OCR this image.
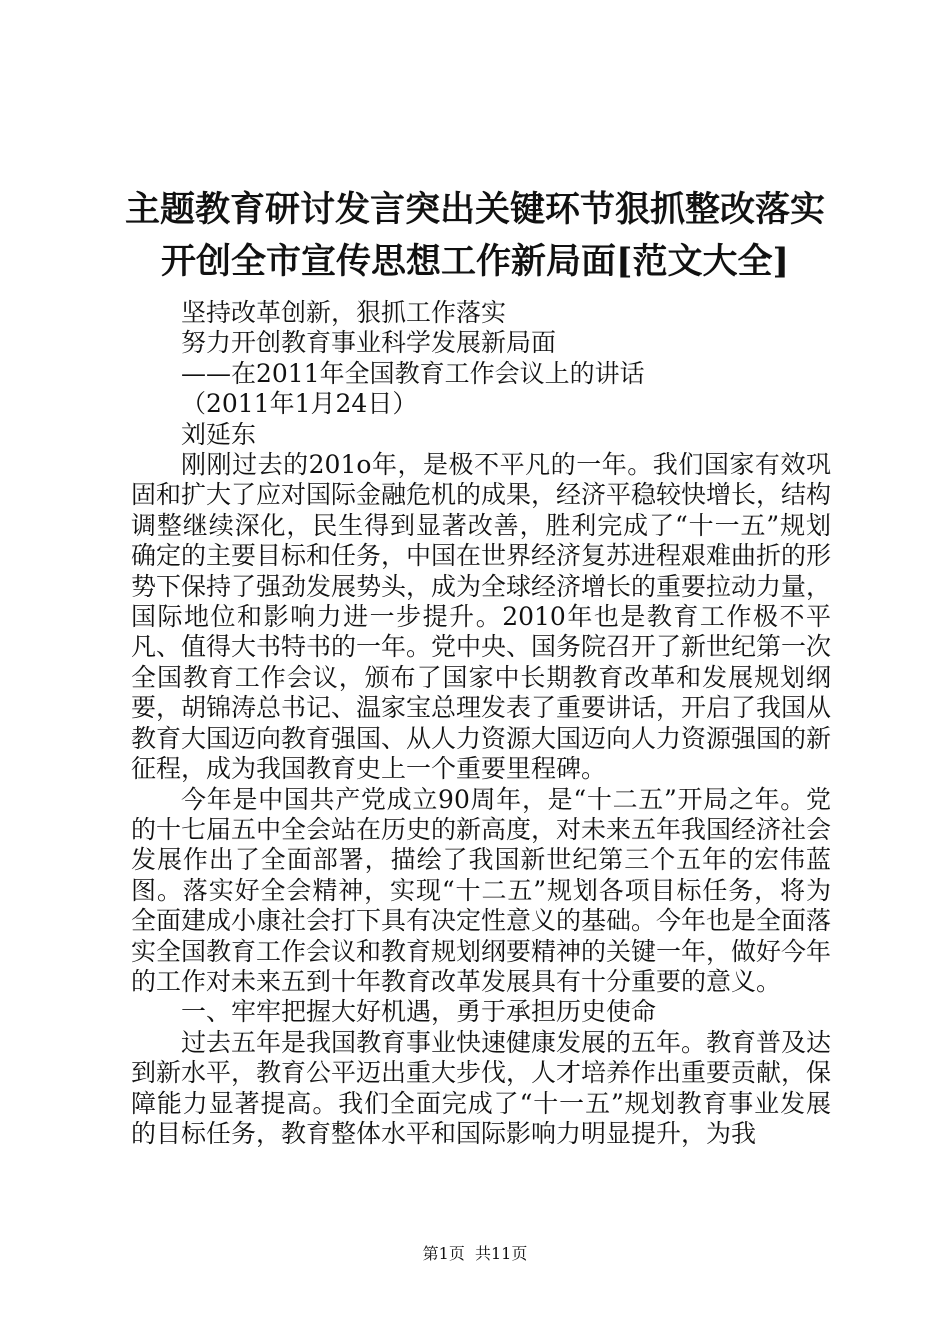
主题教育研讨发言突出关键环节狠抓整改落实
开创全市宣传思想工作新局面[范文大全]

坚持改革创新，狠抓工作落实

努力开创教育事业科学发展新局面

——在2011年全国教育工作会议上的讲话

（2011年1月24日）

刘延东

刚刚过去的201o年，是极不平凡的一年。我们国家有效巩固和扩大了应对国际金融危机的成果，经济平稳较快增长，结构调整继续深化，民生得到显著改善，胜利完成了“十一五”规划确定的主要目标和任务，中国在世界经济复苏进程艰难曲折的形势下保持了强劲发展势头，成为全球经济增长的重要拉动力量，国际地位和影响力进一步提升。2010年也是教育工作极不平凡、值得大书特书的一年。党中央、国务院召开了新世纪第一次全国教育工作会议，颁布了国家中长期教育改革和发展规划纲要，胡锦涛总书记、温家宝总理发表了重要讲话，开启了我国从教育大国迈向教育强国、从人力资源大国迈向人力资源强国的新征程，成为我国教育史上一个重要里程碑。

今年是中国共产党成立90周年，是“十二五”开局之年。党的十七届五中全会站在历史的新高度，对未来五年我国经济社会发展作出了全面部署，描绘了我国新世纪第三个五年的宏伟蓝图。落实好全会精神，实现“十二五”规划各项目标任务，将为全面建成小康社会打下具有决定性意义的基础。今年也是全面落实全国教育工作会议和教育规划纲要精神的关键一年，做好今年的工作对未来五到十年教育改革发展具有十分重要的意义。

一、牢牢把握大好机遇，勇于承担历史使命

过去五年是我国教育事业快速健康发展的五年。教育普及达到新水平，教育公平迈出重大步伐，人才培养作出重要贡献，保障能力显著提高。我们全面完成了“十一五”规划教育事业发展的目标任务，教育整体水平和国际影响力明显提升，为我

第1页  共11页
